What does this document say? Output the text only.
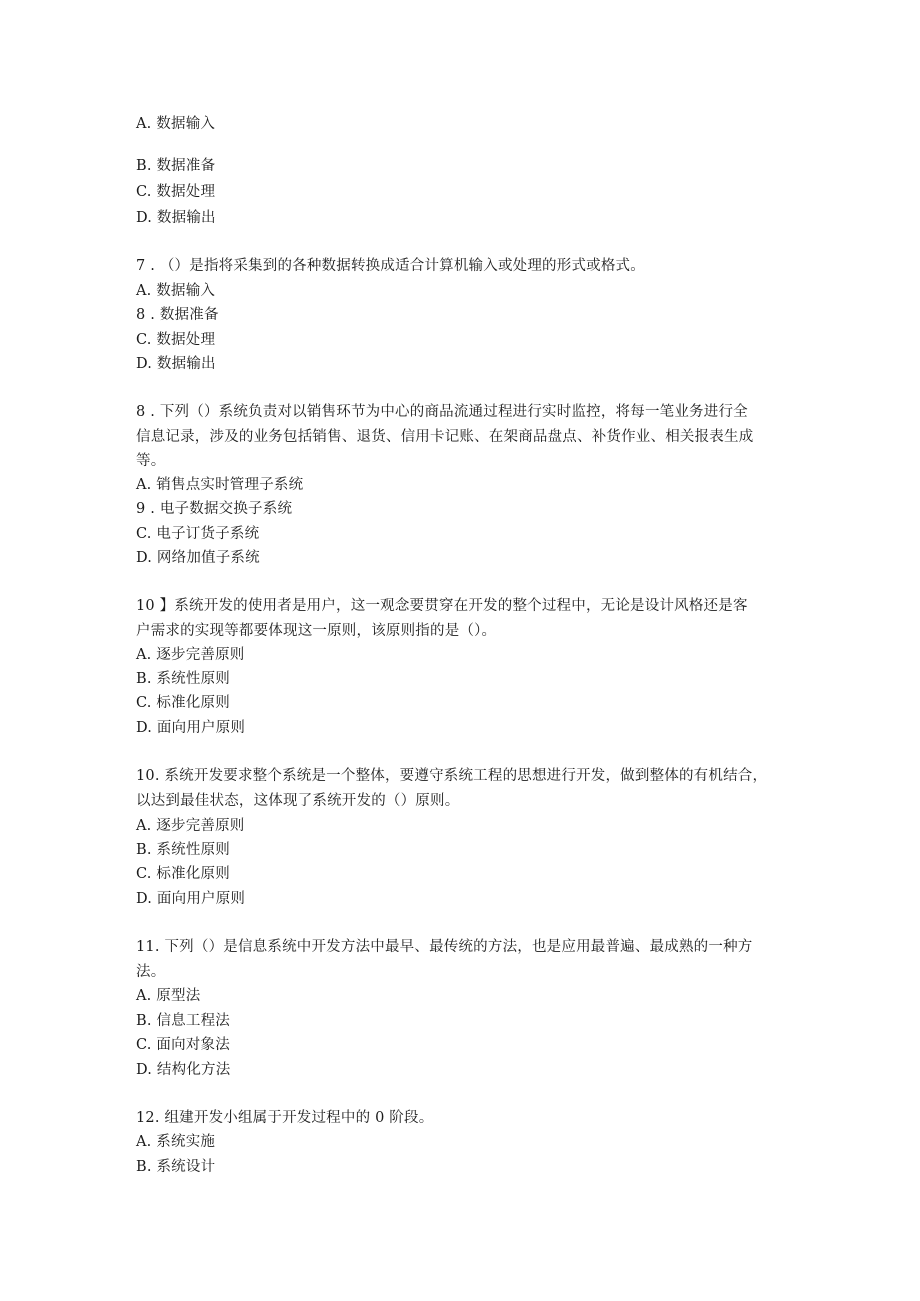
A. 数据输入
B. 数据准备
C. 数据处理
D. 数据输出
7 . （）是指将采集到的各种数据转换成适合计算机输入或处理的形式或格式。
A. 数据输入
8 . 数据准备
C. 数据处理
D. 数据输出
8 . 下列（）系统负责对以销售环节为中心的商品流通过程进行实时监控，将每一笔业务进行全
信息记录，涉及的业务包括销售、退货、信用卡记账、在架商品盘点、补货作业、相关报表生成
等。
A. 销售点实时管理子系统
9 . 电子数据交换子系统
C. 电子订货子系统
D. 网络加值子系统
10 】系统开发的使用者是用户，这一观念要贯穿在开发的整个过程中，无论是设计风格还是客
户需求的实现等都要体现这一原则，该原则指的是（）。
A. 逐步完善原则
B. 系统性原则
C. 标准化原则
D. 面向用户原则
10. 系统开发要求整个系统是一个整体，要遵守系统工程的思想进行开发，做到整体的有机结合，
以达到最佳状态，这体现了系统开发的（）原则。
A. 逐步完善原则
B. 系统性原则
C. 标准化原则
D. 面向用户原则
11. 下列（）是信息系统中开发方法中最早、最传统的方法，也是应用最普遍、最成熟的一种方
法。
A. 原型法
B. 信息工程法
C. 面向对象法
D. 结构化方法
12. 组建开发小组属于开发过程中的 0 阶段。
A. 系统实施
B. 系统设计
